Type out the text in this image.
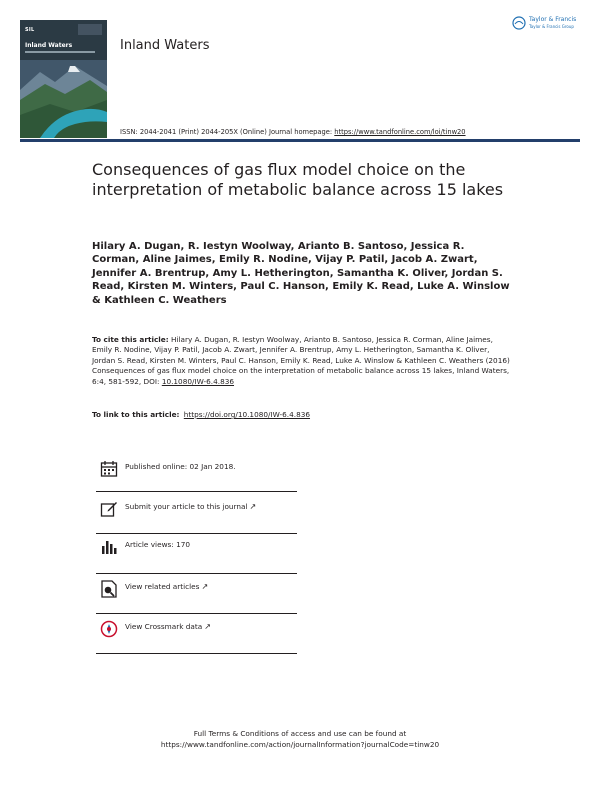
SIL
Inland Waters	Inland Waters
Taylor & Francis
Taylor & Francis Group
ISSN: 2044-2041 (Print) 2044-205X (Online) Journal homepage: https://www.tandfonline.com/loi/tinw20
Consequences of gas flux model choice on the interpretation of metabolic balance across 15 lakes
Hilary A. Dugan, R. Iestyn Woolway, Arianto B. Santoso, Jessica R. Corman, Aline Jaimes, Emily R. Nodine, Vijay P. Patil, Jacob A. Zwart, Jennifer A. Brentrup, Amy L. Hetherington, Samantha K. Oliver, Jordan S. Read, Kirsten M. Winters, Paul C. Hanson, Emily K. Read, Luke A. Winslow & Kathleen C. Weathers
To cite this article: Hilary A. Dugan, R. Iestyn Woolway, Arianto B. Santoso, Jessica R. Corman, Aline Jaimes, Emily R. Nodine, Vijay P. Patil, Jacob A. Zwart, Jennifer A. Brentrup, Amy L. Hetherington, Samantha K. Oliver, Jordan S. Read, Kirsten M. Winters, Paul C. Hanson, Emily K. Read, Luke A. Winslow & Kathleen C. Weathers (2016) Consequences of gas flux model choice on the interpretation of metabolic balance across 15 lakes, Inland Waters, 6:4, 581-592, DOI: 10.1080/IW-6.4.836
To link to this article: https://doi.org/10.1080/IW-6.4.836
Published online: 02 Jan 2018.
Submit your article to this journal ↗
Article views: 170
View related articles ↗
View Crossmark data ↗
Full Terms & Conditions of access and use can be found at
https://www.tandfonline.com/action/journalInformation?journalCode=tinw20
